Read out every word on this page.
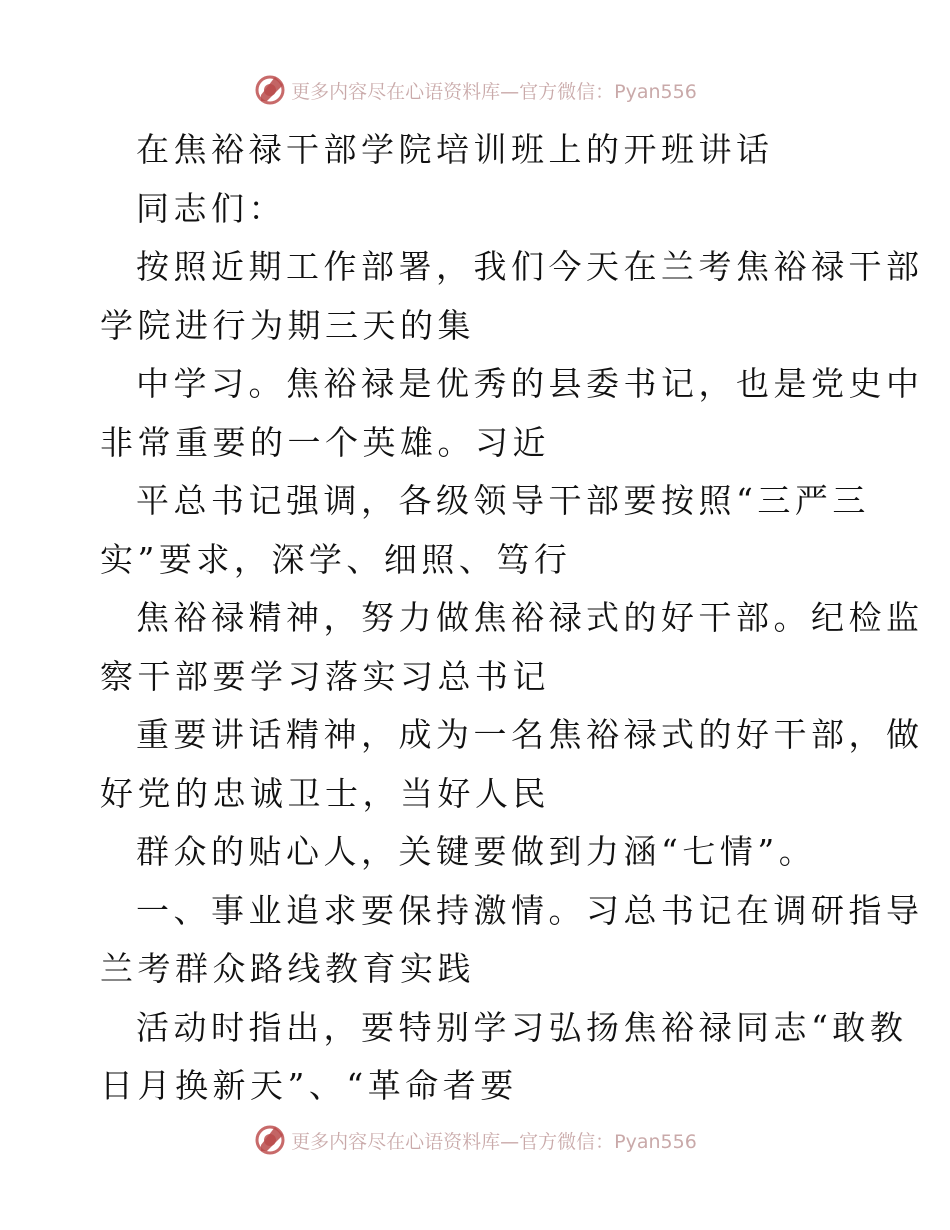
更多内容尽在心语资料库—官方微信：Pyan556
在焦裕禄干部学院培训班上的开班讲话
同志们：
按照近期工作部署，我们今天在兰考焦裕禄干部
学院进行为期三天的集
中学习。焦裕禄是优秀的县委书记，也是党史中
非常重要的一个英雄。习近
平总书记强调，各级领导干部要按照“三严三
实”要求，深学、细照、笃行
焦裕禄精神，努力做焦裕禄式的好干部。纪检监
察干部要学习落实习总书记
重要讲话精神，成为一名焦裕禄式的好干部，做
好党的忠诚卫士，当好人民
群众的贴心人，关键要做到力涵“七情”。
一、事业追求要保持激情。习总书记在调研指导
兰考群众路线教育实践
活动时指出，要特别学习弘扬焦裕禄同志“敢教
日月换新天”、“革命者要
更多内容尽在心语资料库—官方微信：Pyan556
